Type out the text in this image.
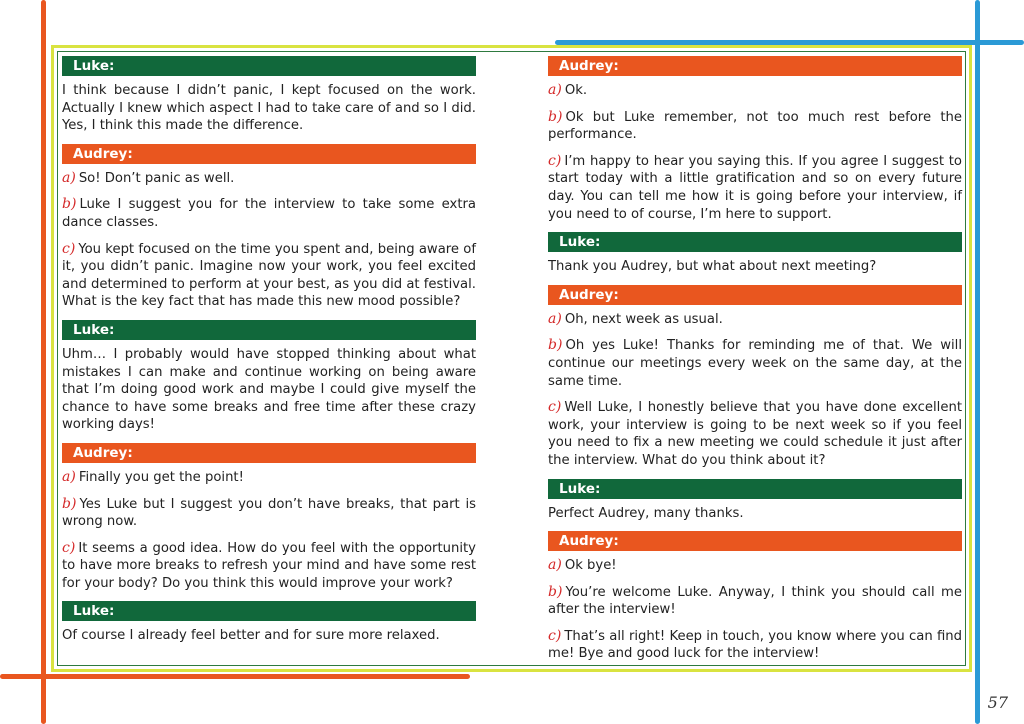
Luke:
I think because I didn’t panic, I kept focused on the work. Actually I knew which aspect I had to take care of and so I did. Yes, I think this made the difference.
Audrey:
a) So! Don’t panic as well.
b) Luke I suggest you for the interview to take some extra dance classes.
c) You kept focused on the time you spent and, being aware of it, you didn’t panic. Imagine now your work, you feel excited and determined to perform at your best, as you did at festival. What is the key fact that has made this new mood possible?
Luke:
Uhm… I probably would have stopped thinking about what mistakes I can make and continue working on being aware that I’m doing good work and maybe I could give myself the chance to have some breaks and free time after these crazy working days!
Audrey:
a) Finally you get the point!
b) Yes Luke but I suggest you don’t have breaks, that part is wrong now.
c) It seems a good idea. How do you feel with the opportunity to have more breaks to refresh your mind and have some rest for your body? Do you think this would improve your work?
Luke:
Of course I already feel better and for sure more relaxed.
Audrey:
a) Ok.
b) Ok but Luke remember, not too much rest before the performance.
c) I’m happy to hear you saying this. If you agree I suggest to start today with a little gratification and so on every future day. You can tell me how it is going before your interview, if you need to of course, I’m here to support.
Luke:
Thank you Audrey, but what about next meeting?
Audrey:
a) Oh, next week as usual.
b) Oh yes Luke! Thanks for reminding me of that. We will continue our meetings every week on the same day, at the same time.
c) Well Luke, I honestly believe that you have done excellent work, your interview is going to be next week so if you feel you need to fix a new meeting we could schedule it just after the interview. What do you think about it?
Luke:
Perfect Audrey, many thanks.
Audrey:
a) Ok bye!
b) You’re welcome Luke. Anyway, I think you should call me after the interview!
c) That’s all right! Keep in touch, you know where you can find me! Bye and good luck for the interview!
57
